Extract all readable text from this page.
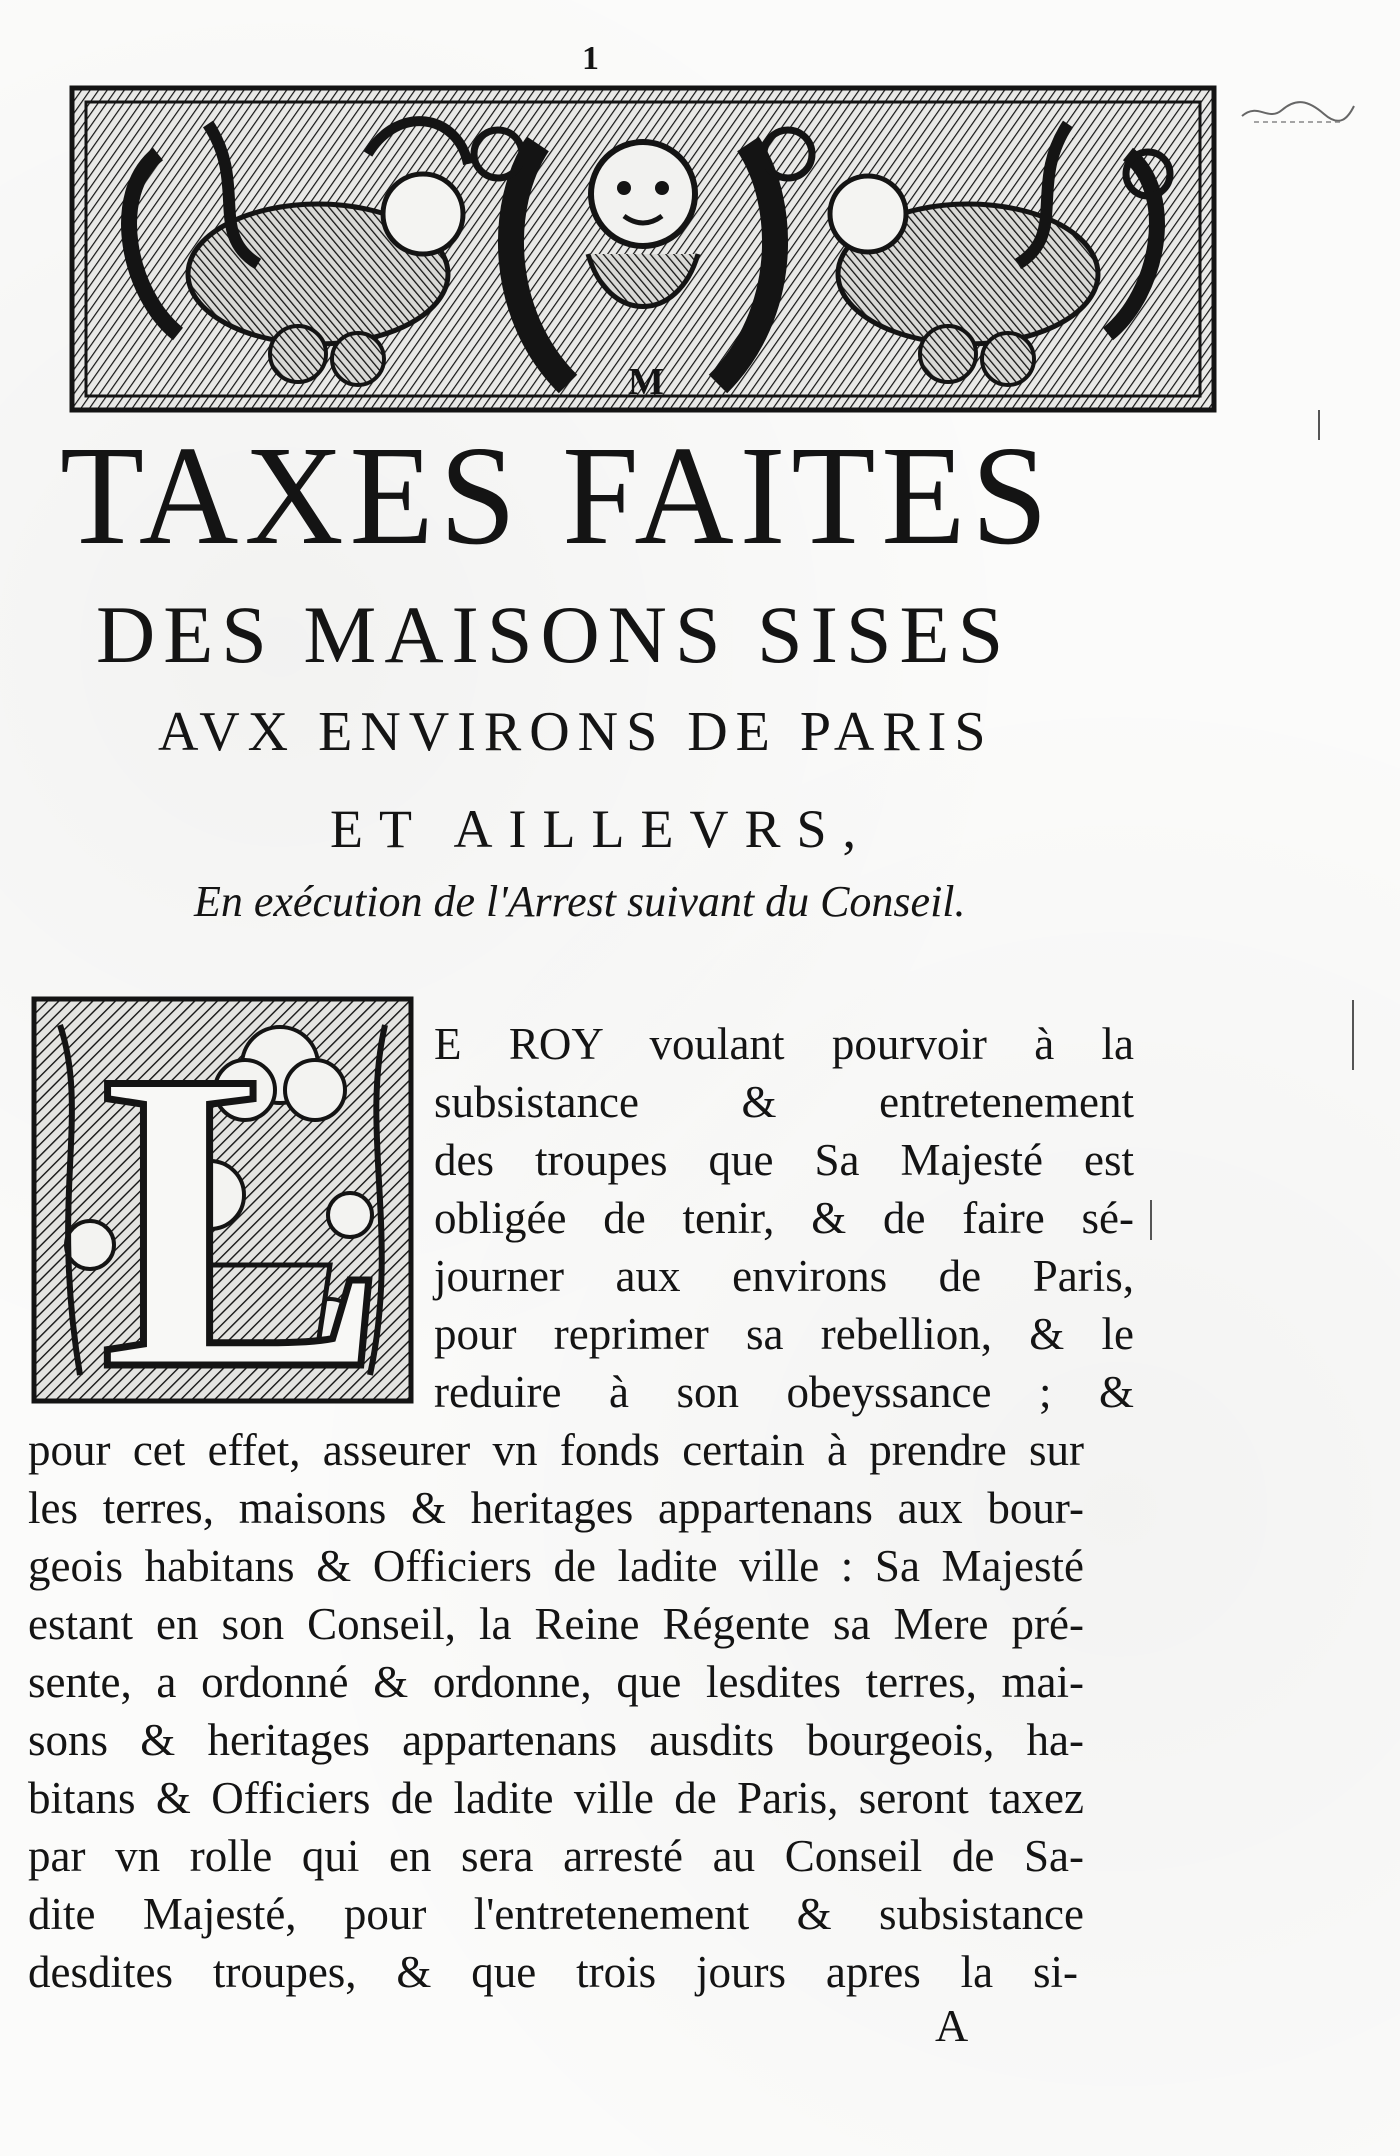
1
M
TAXES FAITES
DES MAISONS SISES
AVX ENVIRONS DE PARIS
ET AILLEVRS,
En exécution de l'Arrest suivant du Conseil.
L E ROY voulant pourvoir à la
subsistance & entretenement
des troupes que Sa Majesté est
obligée de tenir, & de faire sé-
journer aux environs de Paris,
pour reprimer sa rebellion, & le
reduire à son obeyssance ; &
pour cet effet, asseurer vn fonds certain à prendre sur
les terres, maisons & heritages appartenans aux bour-
geois habitans & Officiers de ladite ville : Sa Majesté
estant en son Conseil, la Reine Régente sa Mere pré-
sente, a ordonné & ordonne, que lesdites terres, mai-
sons & heritages appartenans ausdits bourgeois, ha-
bitans & Officiers de ladite ville de Paris, seront taxez
par vn rolle qui en sera arresté au Conseil de Sa-
dite Majesté, pour l'entretenement & subsistance
desdites troupes, & que trois jours apres la si-
A
